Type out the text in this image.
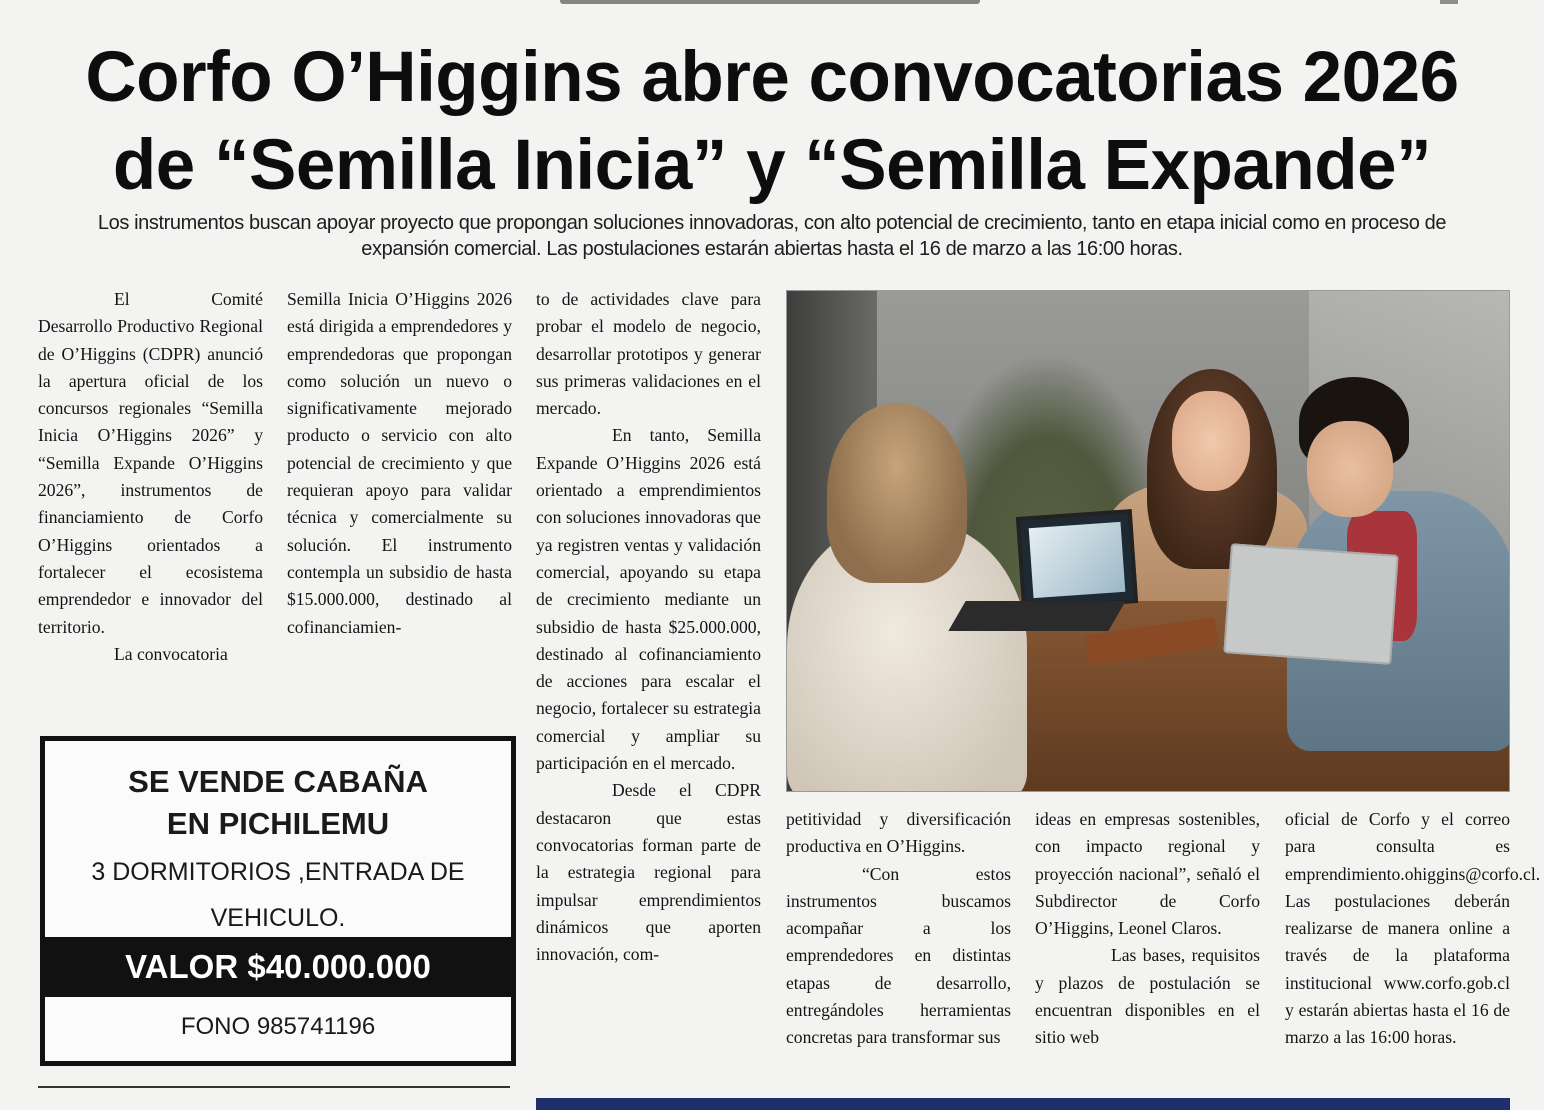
Corfo O’Higgins abre convocatorias 2026
de “Semilla Inicia” y “Semilla Expande”

Los instrumentos buscan apoyar proyecto que propongan soluciones innovadoras, con alto potencial de crecimiento, tanto en etapa inicial como en proceso de expansión comercial. Las postulaciones estarán abiertas hasta el 16 de marzo a las 16:00 horas.

El Comité Desarrollo Productivo Regional de O’Higgins (CDPR) anunció la apertura oficial de los concursos regionales “Semilla Inicia O’Higgins 2026” y “Semilla Expande O’Higgins 2026”, instrumentos de financiamiento de Corfo O’Higgins orientados a fortalecer el ecosistema emprendedor e innovador del territorio.

La convocatoria

Semilla Inicia O’Higgins 2026 está dirigida a emprendedores y emprendedoras que propongan como solución un nuevo o significativamente mejorado producto o servicio con alto potencial de crecimiento y que requieran apoyo para validar técnica y comercialmente su solución. El instrumento contempla un subsidio de hasta $15.000.000, destinado al cofinanciamien-

to de actividades clave para probar el modelo de negocio, desarrollar prototipos y generar sus primeras validaciones en el mercado.

En tanto, Semilla Expande O’Higgins 2026 está orientado a emprendimientos con soluciones innovadoras que ya registren ventas y validación comercial, apoyando su etapa de crecimiento mediante un subsidio de hasta $25.000.000, destinado al cofinanciamiento de acciones para escalar el negocio, fortalecer su estrategia comercial y ampliar su participación en el mercado.

Desde el CDPR destacaron que estas convocatorias forman parte de la estrategia regional para impulsar emprendimientos dinámicos que aporten innovación, com-

petitividad y diversificación productiva en O’Higgins.

“Con estos instrumentos buscamos acompañar a los emprendedores en distintas etapas de desarrollo, entregándoles herramientas concretas para transformar sus

ideas en empresas sostenibles, con impacto regional y proyección nacional”, señaló el Subdirector de Corfo O’Higgins, Leonel Claros.

Las bases, requisitos y plazos de postulación se encuentran disponibles en el sitio web

oficial de Corfo y el correo para consulta es emprendimiento.ohiggins@corfo.cl. Las postulaciones deberán realizarse de manera online a través de la plataforma institucional www.corfo.gob.cl y estarán abiertas hasta el 16 de marzo a las 16:00 horas.

SE VENDE CABAÑA
EN PICHILEMU
3 DORMITORIOS ,ENTRADA DE
VEHICULO.
VALOR $40.000.000
FONO 985741196
